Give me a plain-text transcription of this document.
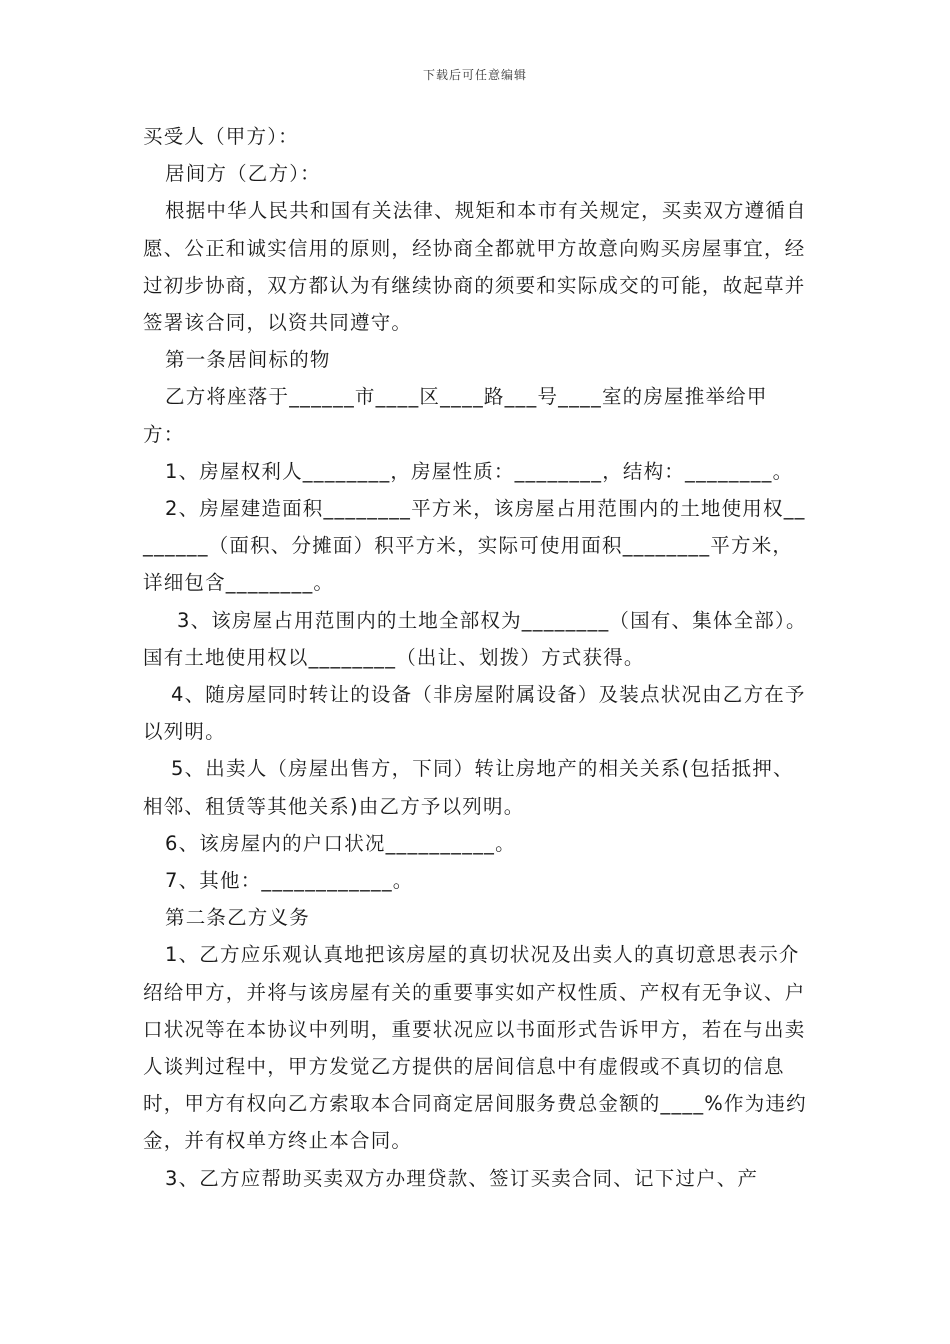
下载后可任意编辑

买受人（甲方）：

居间方（乙方）：

根据中华人民共和国有关法律、规矩和本市有关规定，买卖双方遵循自愿、公正和诚实信用的原则，经协商全都就甲方故意向购买房屋事宜，经过初步协商，双方都认为有继续协商的须要和实际成交的可能，故起草并签署该合同，以资共同遵守。

第一条居间标的物

乙方将座落于______市____区____路___号____室的房屋推举给甲方：

1、房屋权利人________，房屋性质：________，结构：________。

2、房屋建造面积________平方米，该房屋占用范围内的土地使用权________（面积、分摊面）积平方米，实际可使用面积________平方米，详细包含________。

3、该房屋占用范围内的土地全部权为________（国有、集体全部）。国有土地使用权以________（出让、划拨）方式获得。

4、随房屋同时转让的设备（非房屋附属设备）及装点状况由乙方在予以列明。

5、出卖人（房屋出售方，下同）转让房地产的相关关系(包括抵押、相邻、租赁等其他关系)由乙方予以列明。

6、该房屋内的户口状况__________。

7、其他：____________。

第二条乙方义务

1、乙方应乐观认真地把该房屋的真切状况及出卖人的真切意思表示介绍给甲方，并将与该房屋有关的重要事实如产权性质、产权有无争议、户口状况等在本协议中列明，重要状况应以书面形式告诉甲方，若在与出卖人谈判过程中，甲方发觉乙方提供的居间信息中有虚假或不真切的信息时，甲方有权向乙方索取本合同商定居间服务费总金额的____%作为违约金，并有权单方终止本合同。

3、乙方应帮助买卖双方办理贷款、签订买卖合同、记下过户、产
